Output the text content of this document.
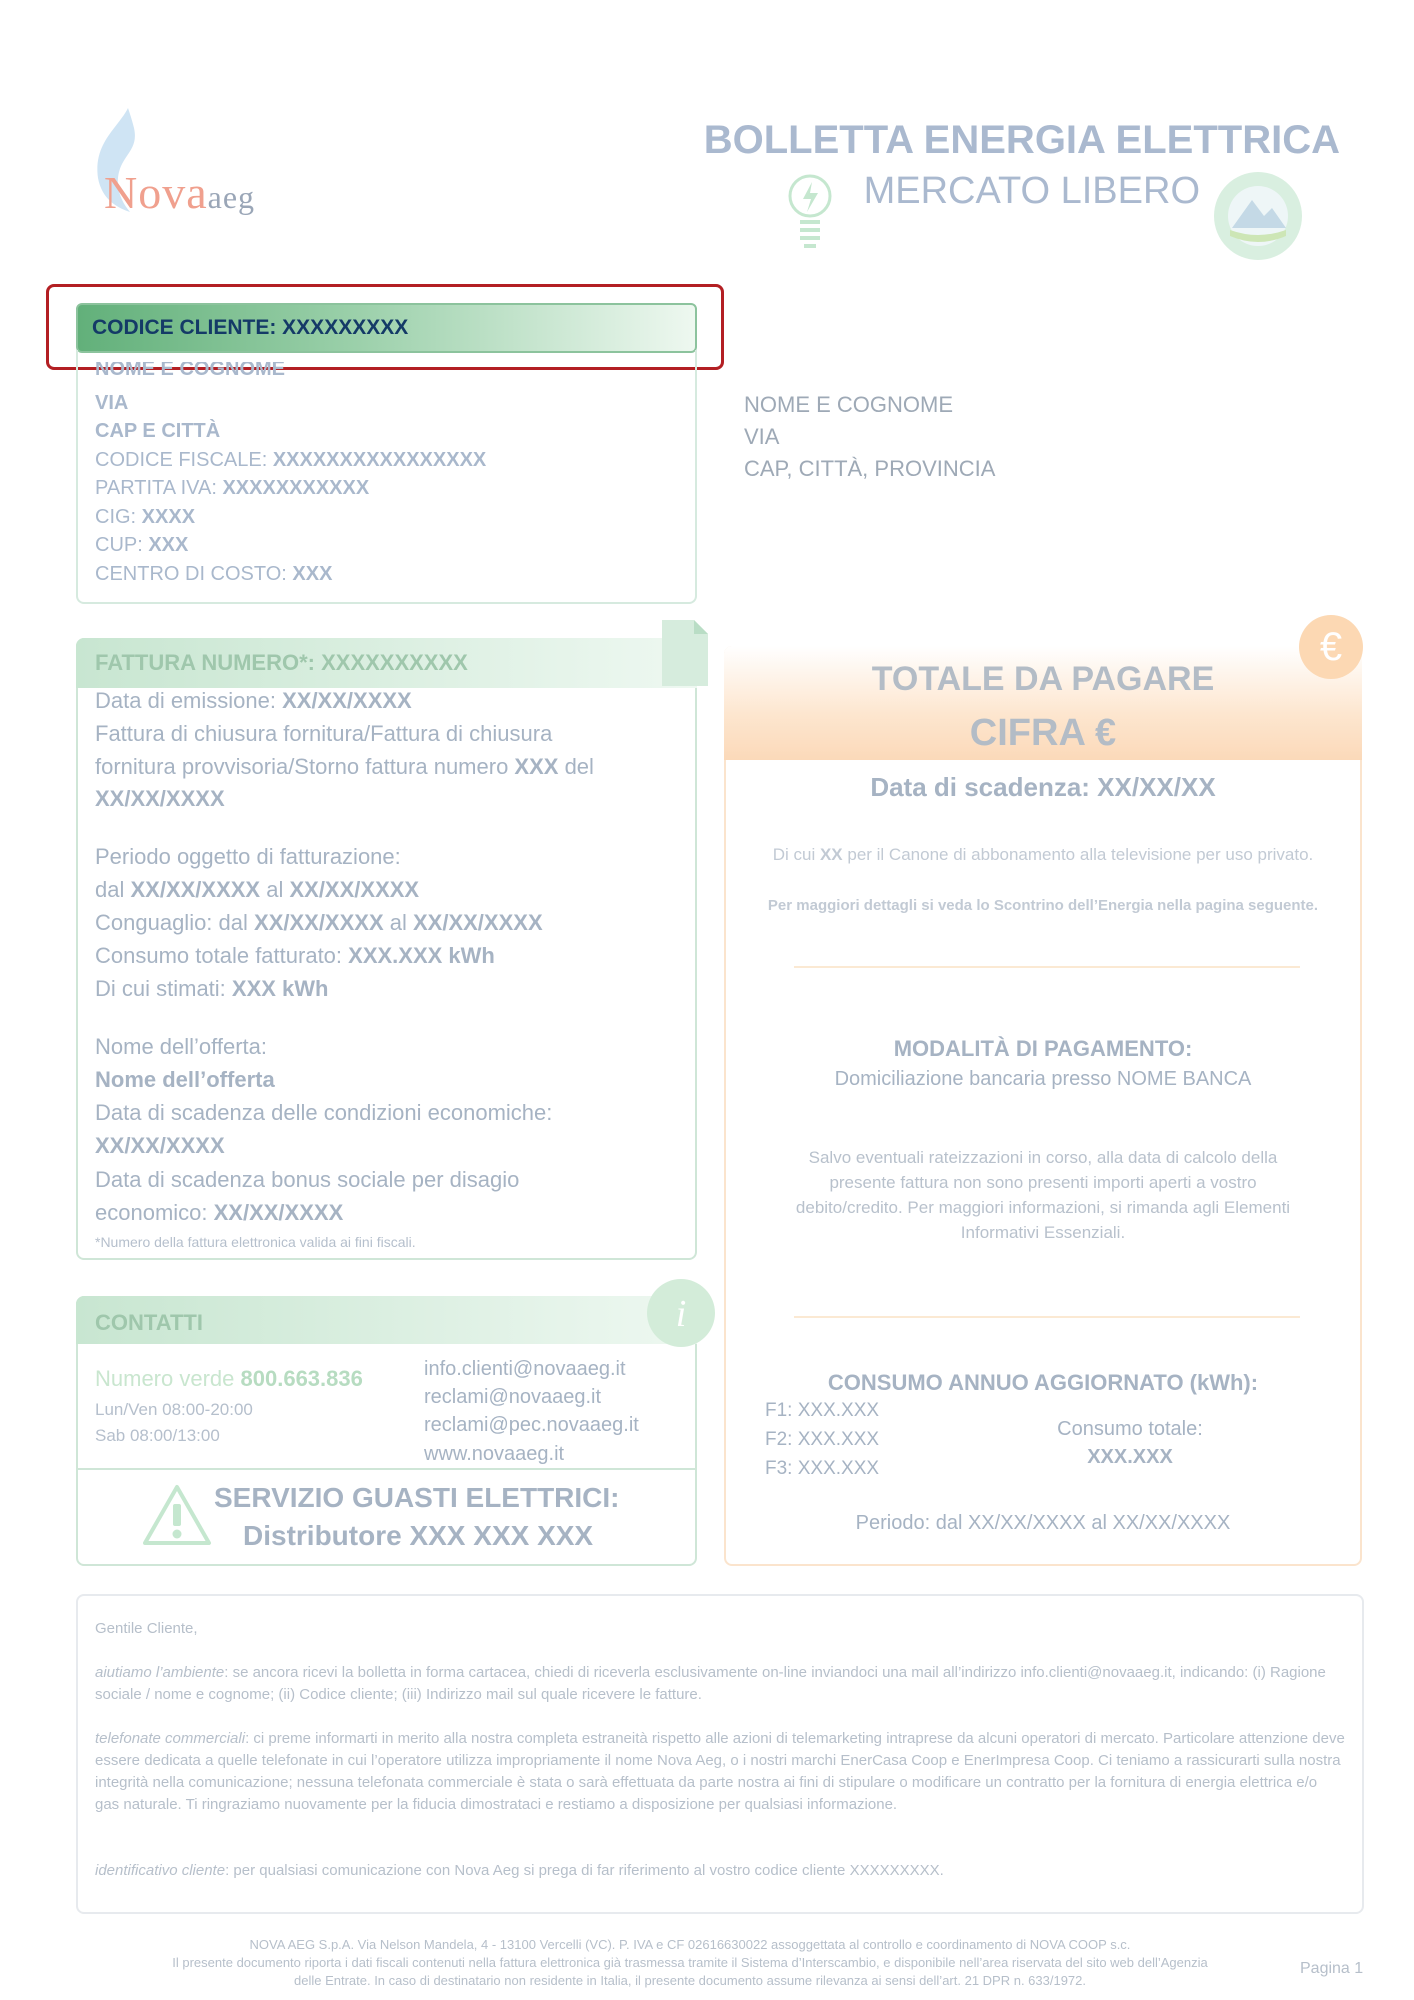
Novaaeg
BOLLETTA ENERGIA ELETTRICA
MERCATO LIBERO
CODICE CLIENTE: XXXXXXXXX
NOME E COGNOME
VIA
CAP E CITTÀ
CODICE FISCALE: XXXXXXXXXXXXXXXX
PARTITA IVA: XXXXXXXXXXX
CIG: XXXX
CUP: XXX
CENTRO DI COSTO: XXX
NOME E COGNOME
VIA
CAP, CITTÀ, PROVINCIA
FATTURA NUMERO*: XXXXXXXXXX
Data di emissione: XX/XX/XXXX
Fattura di chiusura fornitura/Fattura di chiusura
fornitura provvisoria/Storno fattura numero XXX del
XX/XX/XXXX
Periodo oggetto di fatturazione:
dal XX/XX/XXXX al XX/XX/XXXX
Conguaglio: dal XX/XX/XXXX al XX/XX/XXXX
Consumo totale fatturato: XXX.XXX kWh
Di cui stimati: XXX kWh
Nome dell’offerta:
Nome dell’offerta
Data di scadenza delle condizioni economiche:
XX/XX/XXXX
Data di scadenza bonus sociale per disagio
economico: XX/XX/XXXX
*Numero della fattura elettronica valida ai fini fiscali.
CONTATTI	i
Numero verde 800.663.836
Lun/Ven 08:00-20:00
Sab 08:00/13:00
info.clienti@novaaeg.it
reclami@novaaeg.it
reclami@pec.novaaeg.it
www.novaaeg.it
SERVIZIO GUASTI ELETTRICI:
Distributore XXX XXX XXX
€
TOTALE DA PAGARE
CIFRA €
Data di scadenza: XX/XX/XX
Di cui XX per il Canone di abbonamento alla televisione per uso privato.
Per maggiori dettagli si veda lo Scontrino dell’Energia nella pagina seguente.
MODALITÀ DI PAGAMENTO:
Domiciliazione bancaria presso NOME BANCA
Salvo eventuali rateizzazioni in corso, alla data di calcolo della
presente fattura non sono presenti importi aperti a vostro
debito/credito. Per maggiori informazioni, si rimanda agli Elementi
Informativi Essenziali.
CONSUMO ANNUO AGGIORNATO (kWh):
F1: XXX.XXX
F2: XXX.XXX
F3: XXX.XXX
Consumo totale:
XXX.XXX
Periodo: dal XX/XX/XXXX al XX/XX/XXXX

Gentile Cliente,

aiutiamo l’ambiente: se ancora ricevi la bolletta in forma cartacea, chiedi di riceverla esclusivamente on-line inviandoci una mail all’indirizzo info.clienti@novaaeg.it, indicando: (i) Ragione sociale / nome e cognome; (ii) Codice cliente; (iii) Indirizzo mail sul quale ricevere le fatture.

telefonate commerciali: ci preme informarti in merito alla nostra completa estraneità rispetto alle azioni di telemarketing intraprese da alcuni operatori di mercato. Particolare attenzione deve essere dedicata a quelle telefonate in cui l’operatore utilizza impropriamente il nome Nova Aeg, o i nostri marchi EnerCasa Coop e EnerImpresa Coop. Ci teniamo a rassicurarti sulla nostra integrità nella comunicazione; nessuna telefonata commerciale è stata o sarà effettuata da parte nostra ai fini di stipulare o modificare un contratto per la fornitura di energia elettrica e/o gas naturale. Ti ringraziamo nuovamente per la fiducia dimostrataci e restiamo a disposizione per qualsiasi informazione.

identificativo cliente: per qualsiasi comunicazione con Nova Aeg si prega di far riferimento al vostro codice cliente XXXXXXXXX.

NOVA AEG S.p.A. Via Nelson Mandela, 4 - 13100 Vercelli (VC). P. IVA e CF 02616630022 assoggettata al controllo e coordinamento di NOVA COOP s.c.
Il presente documento riporta i dati fiscali contenuti nella fattura elettronica già trasmessa tramite il Sistema d’Interscambio, e disponibile nell’area riservata del sito web dell’Agenzia
delle Entrate. In caso di destinatario non residente in Italia, il presente documento assume rilevanza ai sensi dell’art. 21 DPR n. 633/1972.
Pagina 1
